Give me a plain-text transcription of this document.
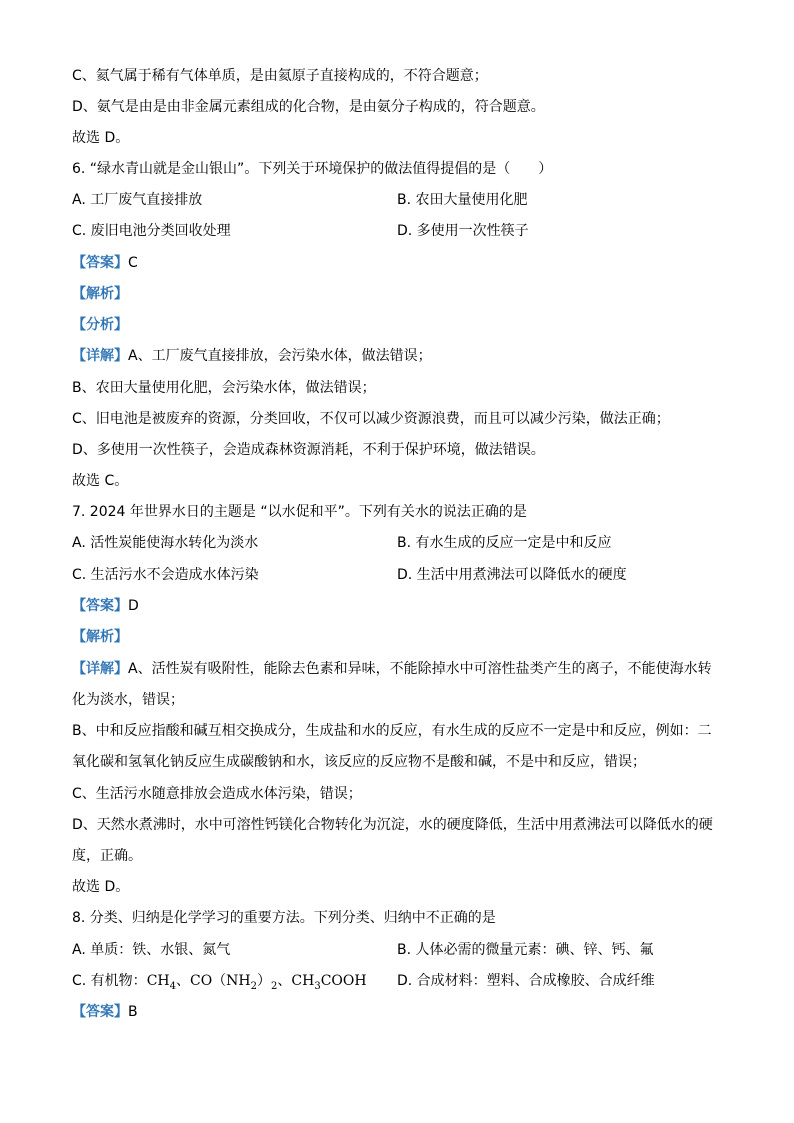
C、氦气属于稀有气体单质，是由氦原子直接构成的，不符合题意；
D、氨气是由是由非金属元素组成的化合物，是由氨分子构成的，符合题意。
故选 D。
6. “绿水青山就是金山银山”。下列关于环境保护的做法值得提倡的是（　　）
A. 工厂废气直接排放	B. 农田大量使用化肥
C. 废旧电池分类回收处理	D. 多使用一次性筷子
【答案】C
【解析】
【分析】
【详解】A、工厂废气直接排放，会污染水体，做法错误；
B、农田大量使用化肥，会污染水体，做法错误；
C、旧电池是被废弃的资源，分类回收，不仅可以减少资源浪费，而且可以减少污染，做法正确；
D、多使用一次性筷子，会造成森林资源消耗，不利于保护环境，做法错误。
故选 C。
7. 2024 年世界水日的主题是 “以水促和平”。下列有关水的说法正确的是
A. 活性炭能使海水转化为淡水	B. 有水生成的反应一定是中和反应
C. 生活污水不会造成水体污染	D. 生活中用煮沸法可以降低水的硬度
【答案】D
【解析】
【详解】A、活性炭有吸附性，能除去色素和异味，不能除掉水中可溶性盐类产生的离子，不能使海水转
化为淡水，错误；
B、中和反应指酸和碱互相交换成分，生成盐和水的反应，有水生成的反应不一定是中和反应，例如：二
氧化碳和氢氧化钠反应生成碳酸钠和水，该反应的反应物不是酸和碱，不是中和反应，错误；
C、生活污水随意排放会造成水体污染，错误；
D、天然水煮沸时，水中可溶性钙镁化合物转化为沉淀，水的硬度降低，生活中用煮沸法可以降低水的硬
度，正确。
故选 D。
8. 分类、归纳是化学学习的重要方法。下列分类、归纳中不正确的是
A. 单质：铁、水银、氮气	B. 人体必需的微量元素：碘、锌、钙、氟
C. 有机物：$CH_4$、$CO(NH_2)_2$、$CH_3COOH$ D. 合成材料：塑料、合成橡胶、合成纤维
【答案】B
